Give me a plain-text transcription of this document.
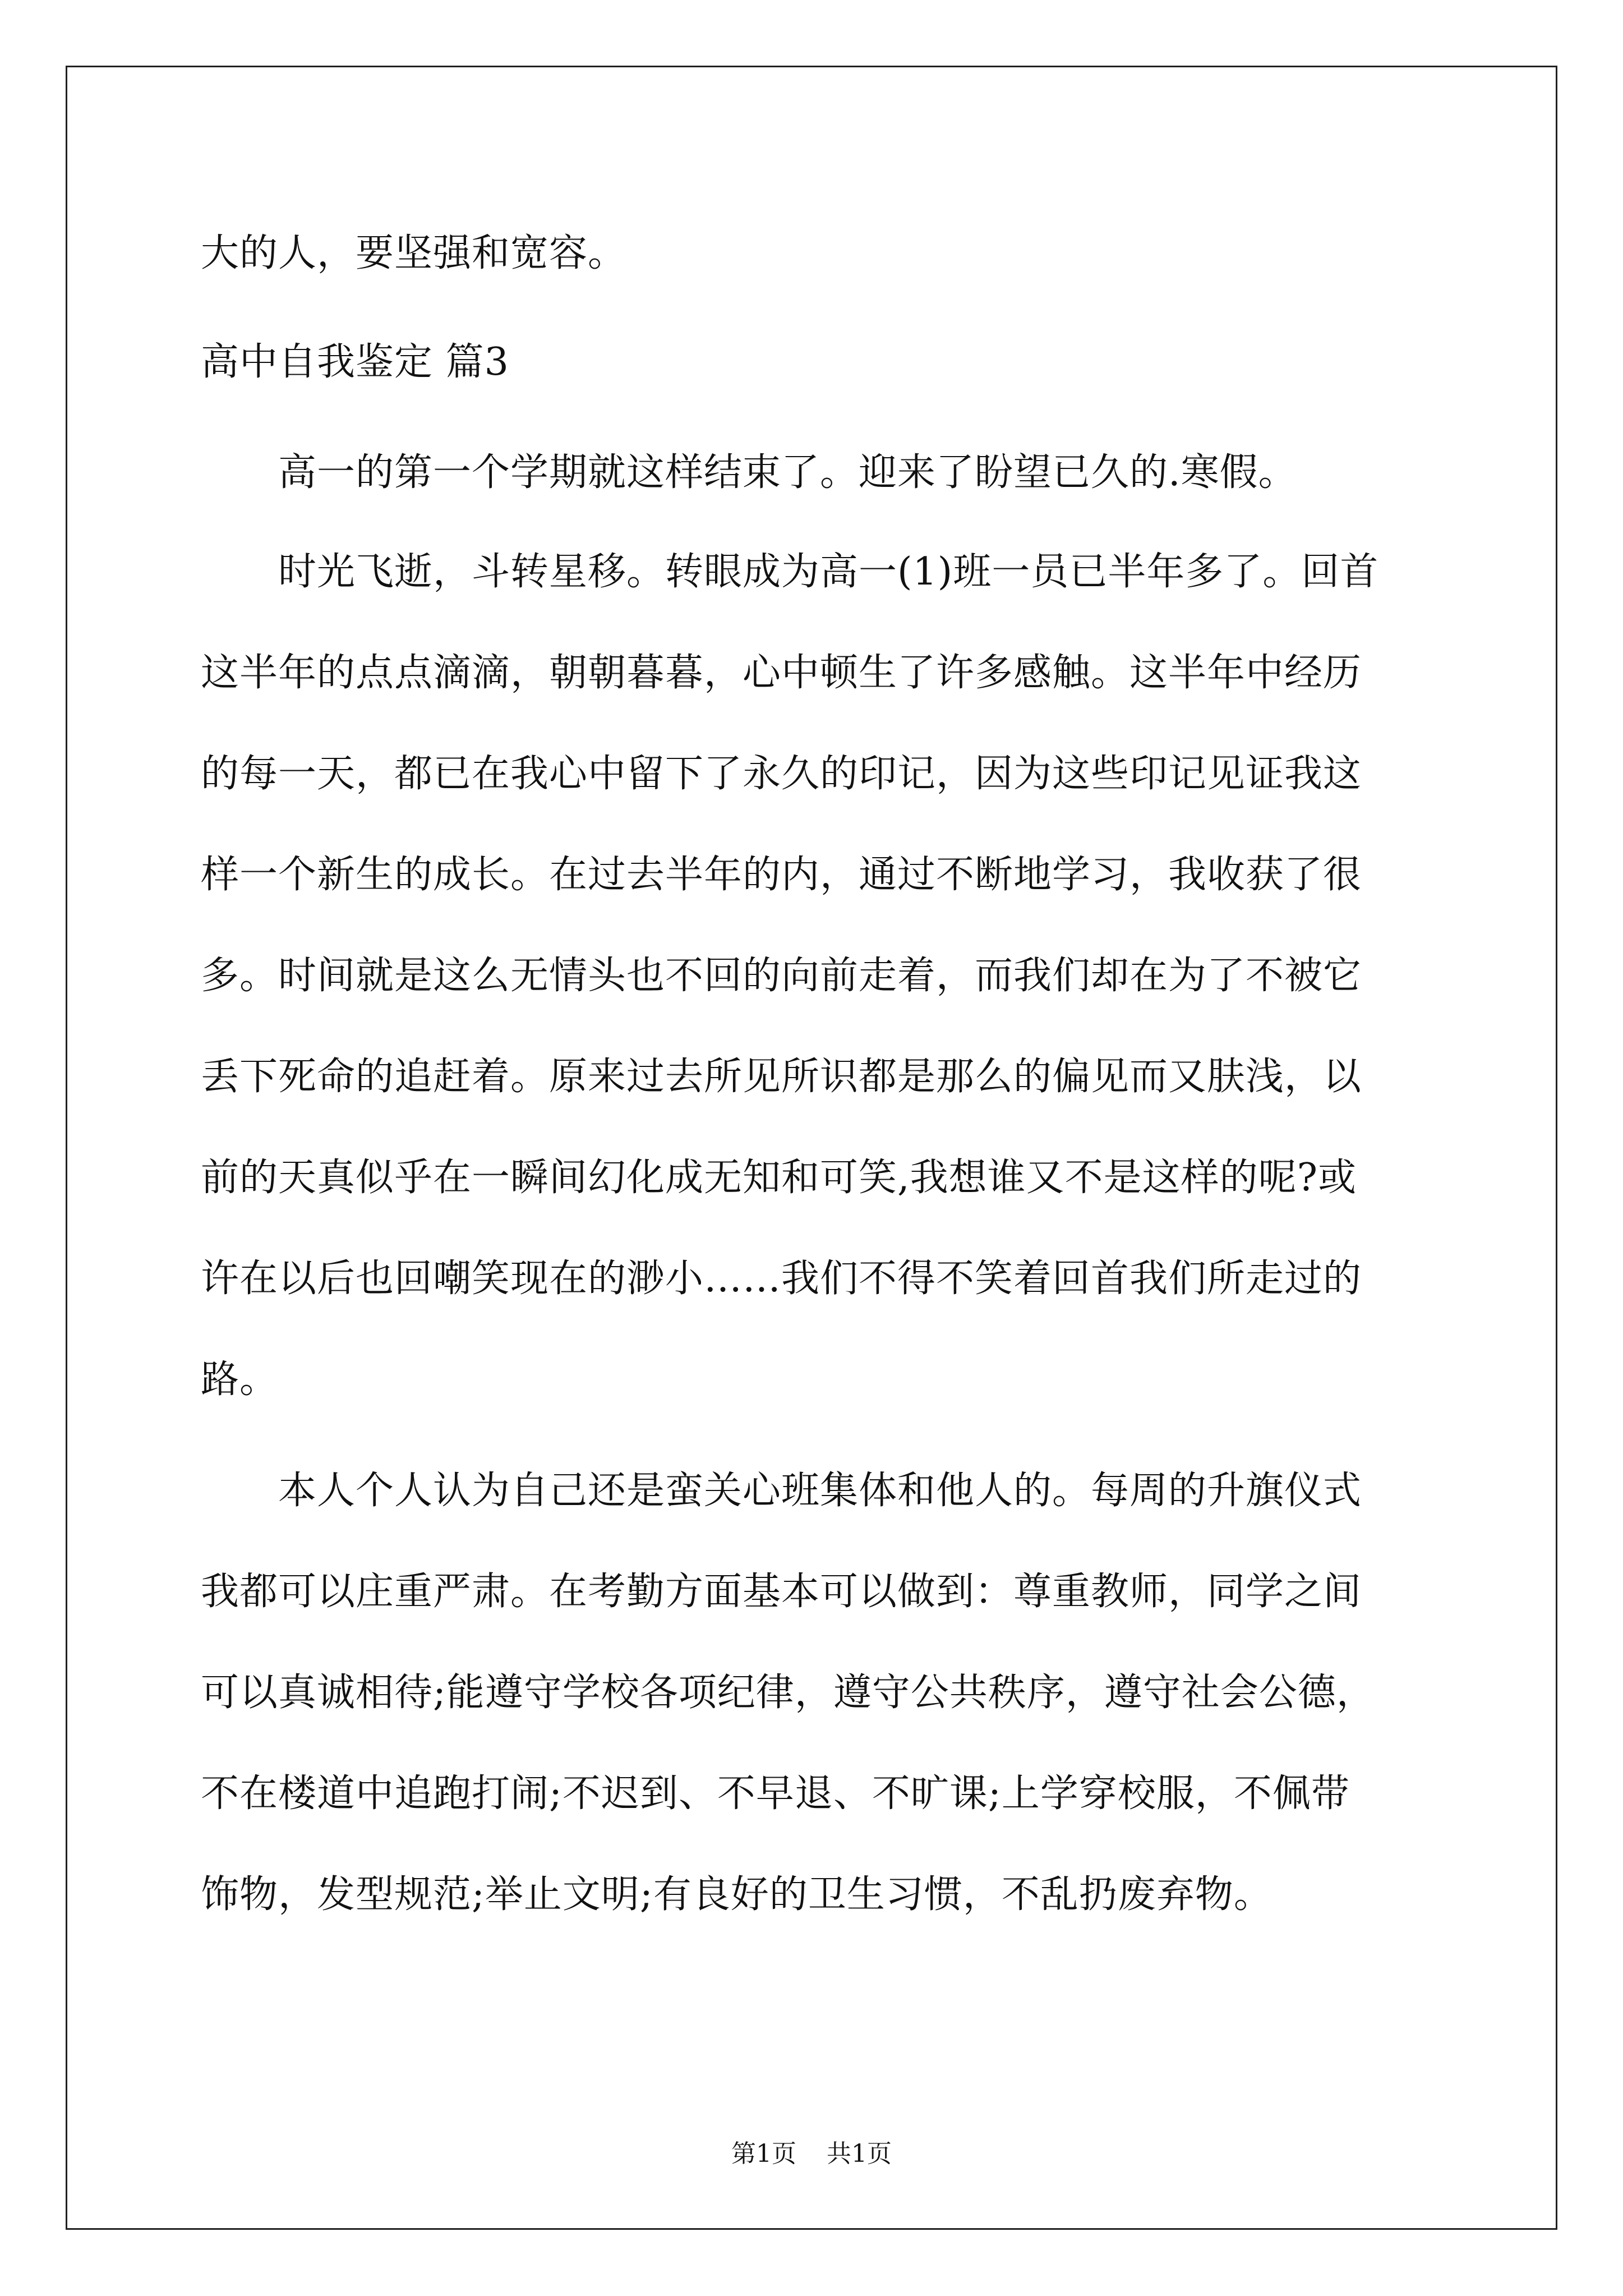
大的人，要坚强和宽容。
高中自我鉴定 篇3
　　高一的第一个学期就这样结束了。迎来了盼望已久的.寒假。
　　时光飞逝，斗转星移。转眼成为高一(1)班一员已半年多了。回首
这半年的点点滴滴，朝朝暮暮，心中顿生了许多感触。这半年中经历
的每一天，都已在我心中留下了永久的印记，因为这些印记见证我这
样一个新生的成长。在过去半年的内，通过不断地学习，我收获了很
多。时间就是这么无情头也不回的向前走着，而我们却在为了不被它
丢下死命的追赶着。原来过去所见所识都是那么的偏见而又肤浅，以
前的天真似乎在一瞬间幻化成无知和可笑,我想谁又不是这样的呢?或
许在以后也回嘲笑现在的渺小……我们不得不笑着回首我们所走过的
路。
　　本人个人认为自己还是蛮关心班集体和他人的。每周的升旗仪式
我都可以庄重严肃。在考勤方面基本可以做到：尊重教师，同学之间
可以真诚相待;能遵守学校各项纪律，遵守公共秩序，遵守社会公德，
不在楼道中追跑打闹;不迟到、不早退、不旷课;上学穿校服，不佩带
饰物，发型规范;举止文明;有良好的卫生习惯，不乱扔废弃物。
第1页 共1页
